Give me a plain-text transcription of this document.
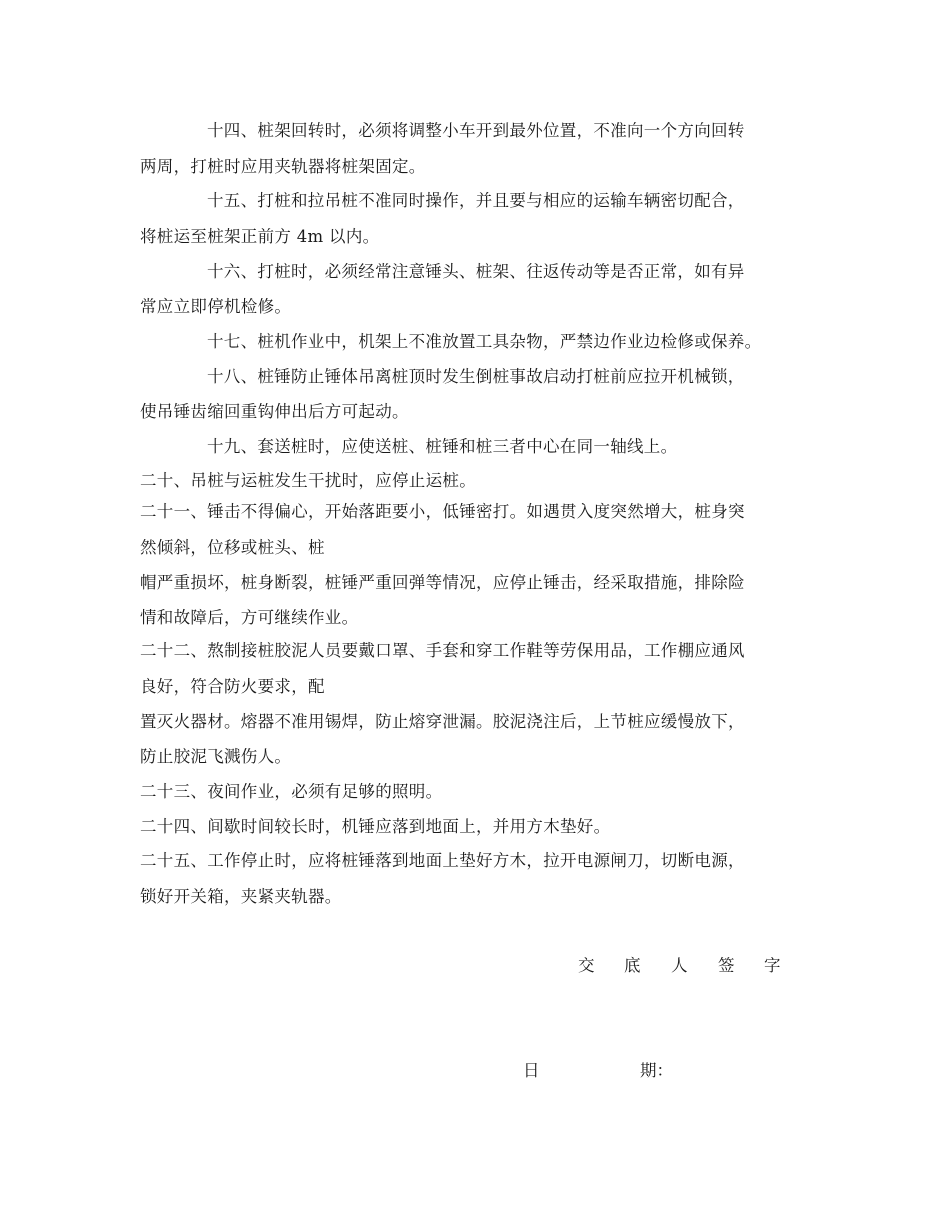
十四、桩架回转时，必须将调整小车开到最外位置，不准向一个方向回转
两周，打桩时应用夹轨器将桩架固定。
十五、打桩和拉吊桩不准同时操作，并且要与相应的运输车辆密切配合，
将桩运至桩架正前方 4m 以内。
十六、打桩时，必须经常注意锤头、桩架、往返传动等是否正常，如有异
常应立即停机检修。
十七、桩机作业中，机架上不准放置工具杂物，严禁边作业边检修或保养。
十八、桩锤防止锤体吊离桩顶时发生倒桩事故启动打桩前应拉开机械锁，
使吊锤齿缩回重钩伸出后方可起动。
十九、套送桩时，应使送桩、桩锤和桩三者中心在同一轴线上。
二十、吊桩与运桩发生干扰时，应停止运桩。
二十一、锤击不得偏心，开始落距要小，低锤密打。如遇贯入度突然增大，桩身突
然倾斜，位移或桩头、桩
帽严重损坏，桩身断裂，桩锤严重回弹等情况，应停止锤击，经采取措施，排除险
情和故障后，方可继续作业。
二十二、熬制接桩胶泥人员要戴口罩、手套和穿工作鞋等劳保用品，工作棚应通风
良好，符合防火要求，配
置灭火器材。熔器不准用锡焊，防止熔穿泄漏。胶泥浇注后，上节桩应缓慢放下，
防止胶泥飞溅伤人。
二十三、夜间作业，必须有足够的照明。
二十四、间歇时间较长时，机锤应落到地面上，并用方木垫好。
二十五、工作停止时，应将桩锤落到地面上垫好方木，拉开电源闸刀，切断电源，
锁好开关箱，夹紧夹轨器。
交 底 人 签 字
日	期：
